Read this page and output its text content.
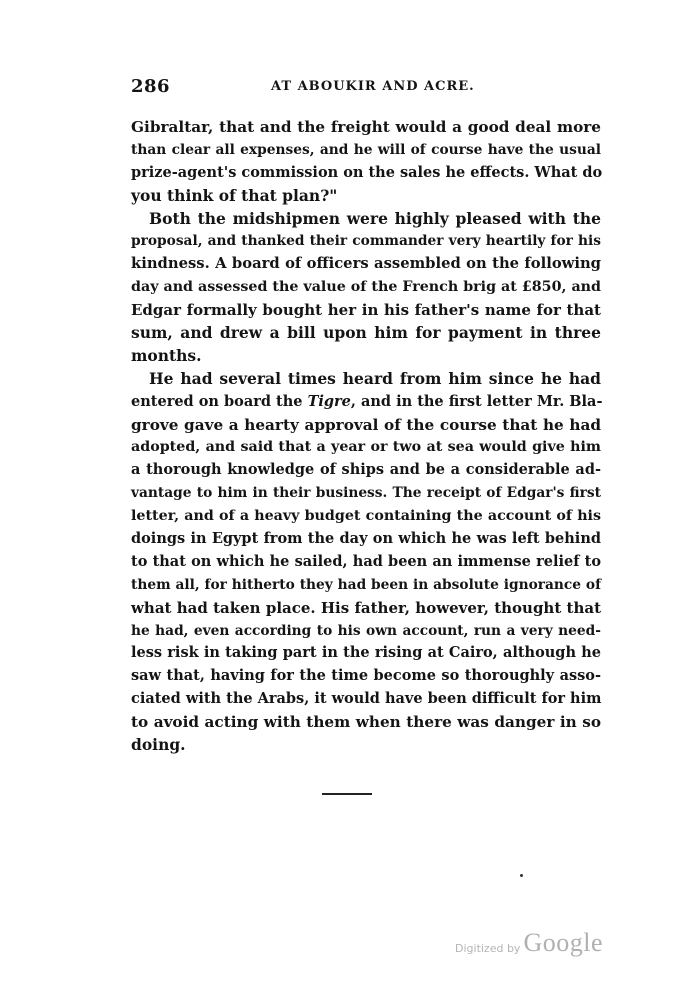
286	AT ABOUKIR AND ACRE.
Gibraltar, that and the freight would a good deal more
than clear all expenses, and he will of course have the usual
prize-agent's commission on the sales he effects. What do
you think of that plan?"
Both the midshipmen were highly pleased with the
proposal, and thanked their commander very heartily for his
kindness. A board of officers assembled on the following
day and assessed the value of the French brig at £850, and
Edgar formally bought her in his father's name for that
sum, and drew a bill upon him for payment in three
months.
He had several times heard from him since he had
entered on board the Tigre, and in the first letter Mr. Bla-
grove gave a hearty approval of the course that he had
adopted, and said that a year or two at sea would give him
a thorough knowledge of ships and be a considerable ad-
vantage to him in their business. The receipt of Edgar's first
letter, and of a heavy budget containing the account of his
doings in Egypt from the day on which he was left behind
to that on which he sailed, had been an immense relief to
them all, for hitherto they had been in absolute ignorance of
what had taken place. His father, however, thought that
he had, even according to his own account, run a very need-
less risk in taking part in the rising at Cairo, although he
saw that, having for the time become so thoroughly asso-
ciated with the Arabs, it would have been difficult for him
to avoid acting with them when there was danger in so
doing.
Digitized by Google
